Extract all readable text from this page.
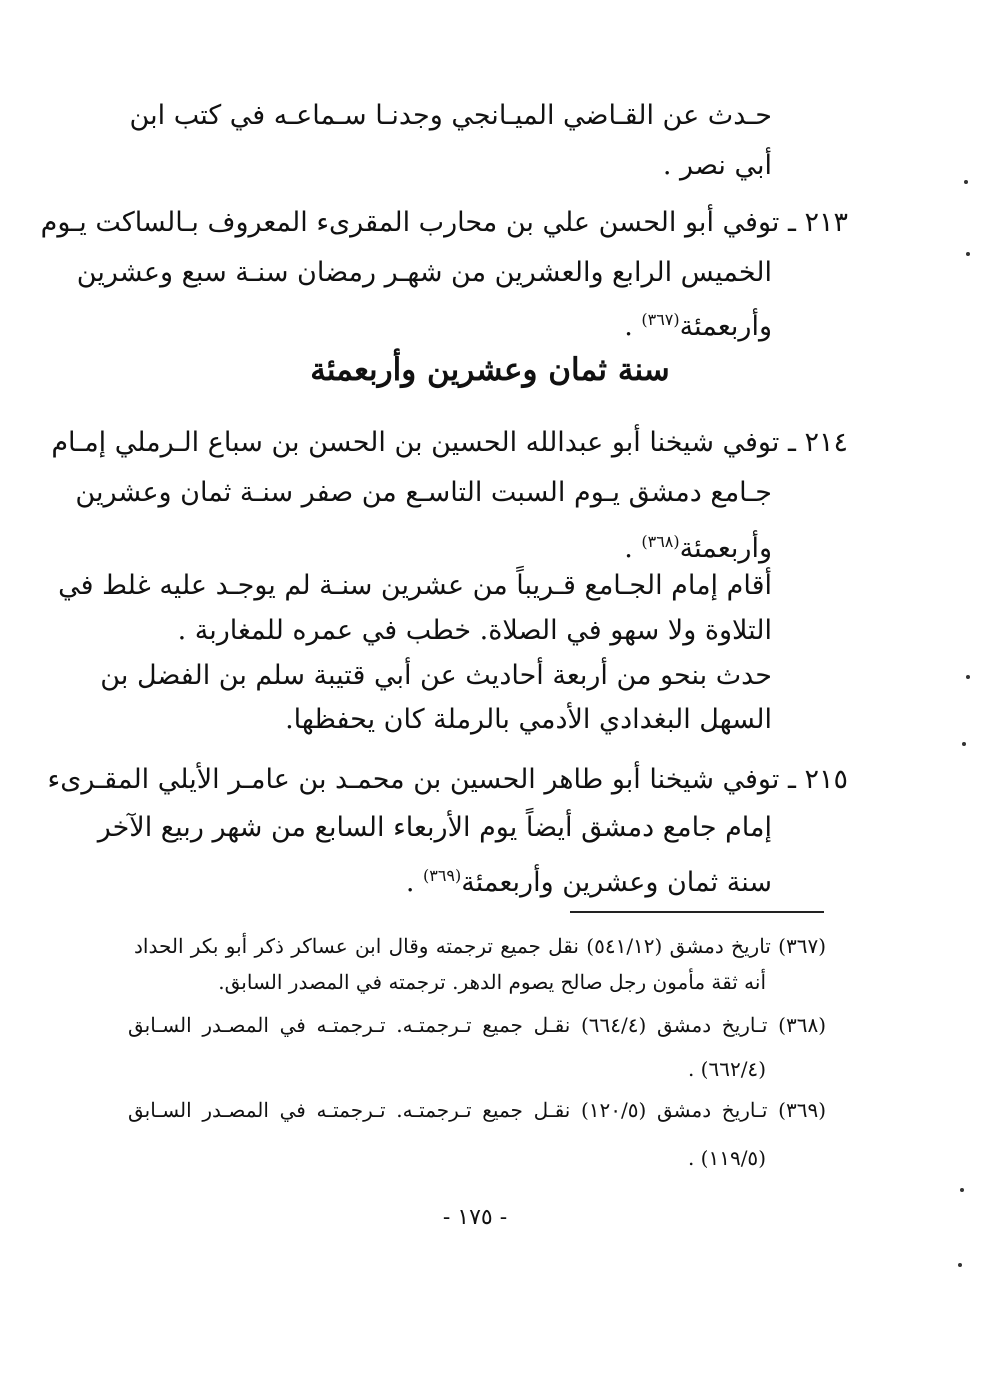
حـدث عن القـاضي الميـانجي وجدنـا سـماعـه في كتب ابن
أبي نصر .
٢١٣ ـ توفي أبو الحسن علي بن محارب المقرىء المعروف بـالساكت يـوم
الخميس الرابع والعشرين من شهـر رمضان سنـة سبع وعشرين
وأربعمئة$^{(٣٦٧)}$ .
سنة ثمان وعشرين وأربعمئة
٢١٤ ـ توفي شيخنا أبو عبدالله الحسين بن الحسن بن سباع الـرملي إمـام
جـامع دمشق يـوم السبت التاسـع من صفر سنـة ثمان وعشرين
وأربعمئة$^{(٣٦٨)}$ .
أقام إمام الجـامع قـريباً من عشرين سنـة لم يوجـد عليه غلط في
التلاوة ولا سهو في الصلاة. خطب في عمره للمغاربة .
حدث بنحو من أربعة أحاديث عن أبي قتيبة سلم بن الفضل بن
السهل البغدادي الأدمي بالرملة كان يحفظها.
٢١٥ ـ توفي شيخنا أبو طاهر الحسين بن محمـد بن عامـر الأيلي المقـرىء
إمام جامع دمشق أيضاً يوم الأربعاء السابع من شهر ربيع الآخر
سنة ثمان وعشرين وأربعمئة$^{(٣٦٩)}$ .
(٣٦٧) تاريخ دمشق (٥٤١/١٢) نقل جميع ترجمته وقال ابن عساكر ذكر أبو بكر الحداد
أنه ثقة مأمون رجل صالح يصوم الدهر. ترجمته في المصدر السابق.
(٣٦٨) تـاريخ دمشق (٦٦٤/٤) نقـل جميع تـرجمتـه. تـرجمتـه في المصـدر السـابق
(٦٦٢/٤) .
(٣٦٩) تـاريخ دمشق (١٢٠/٥) نقـل جميع تـرجمتـه. تـرجمتـه في المصـدر السـابق
(١١٩/٥) .
- ١٧٥ -
